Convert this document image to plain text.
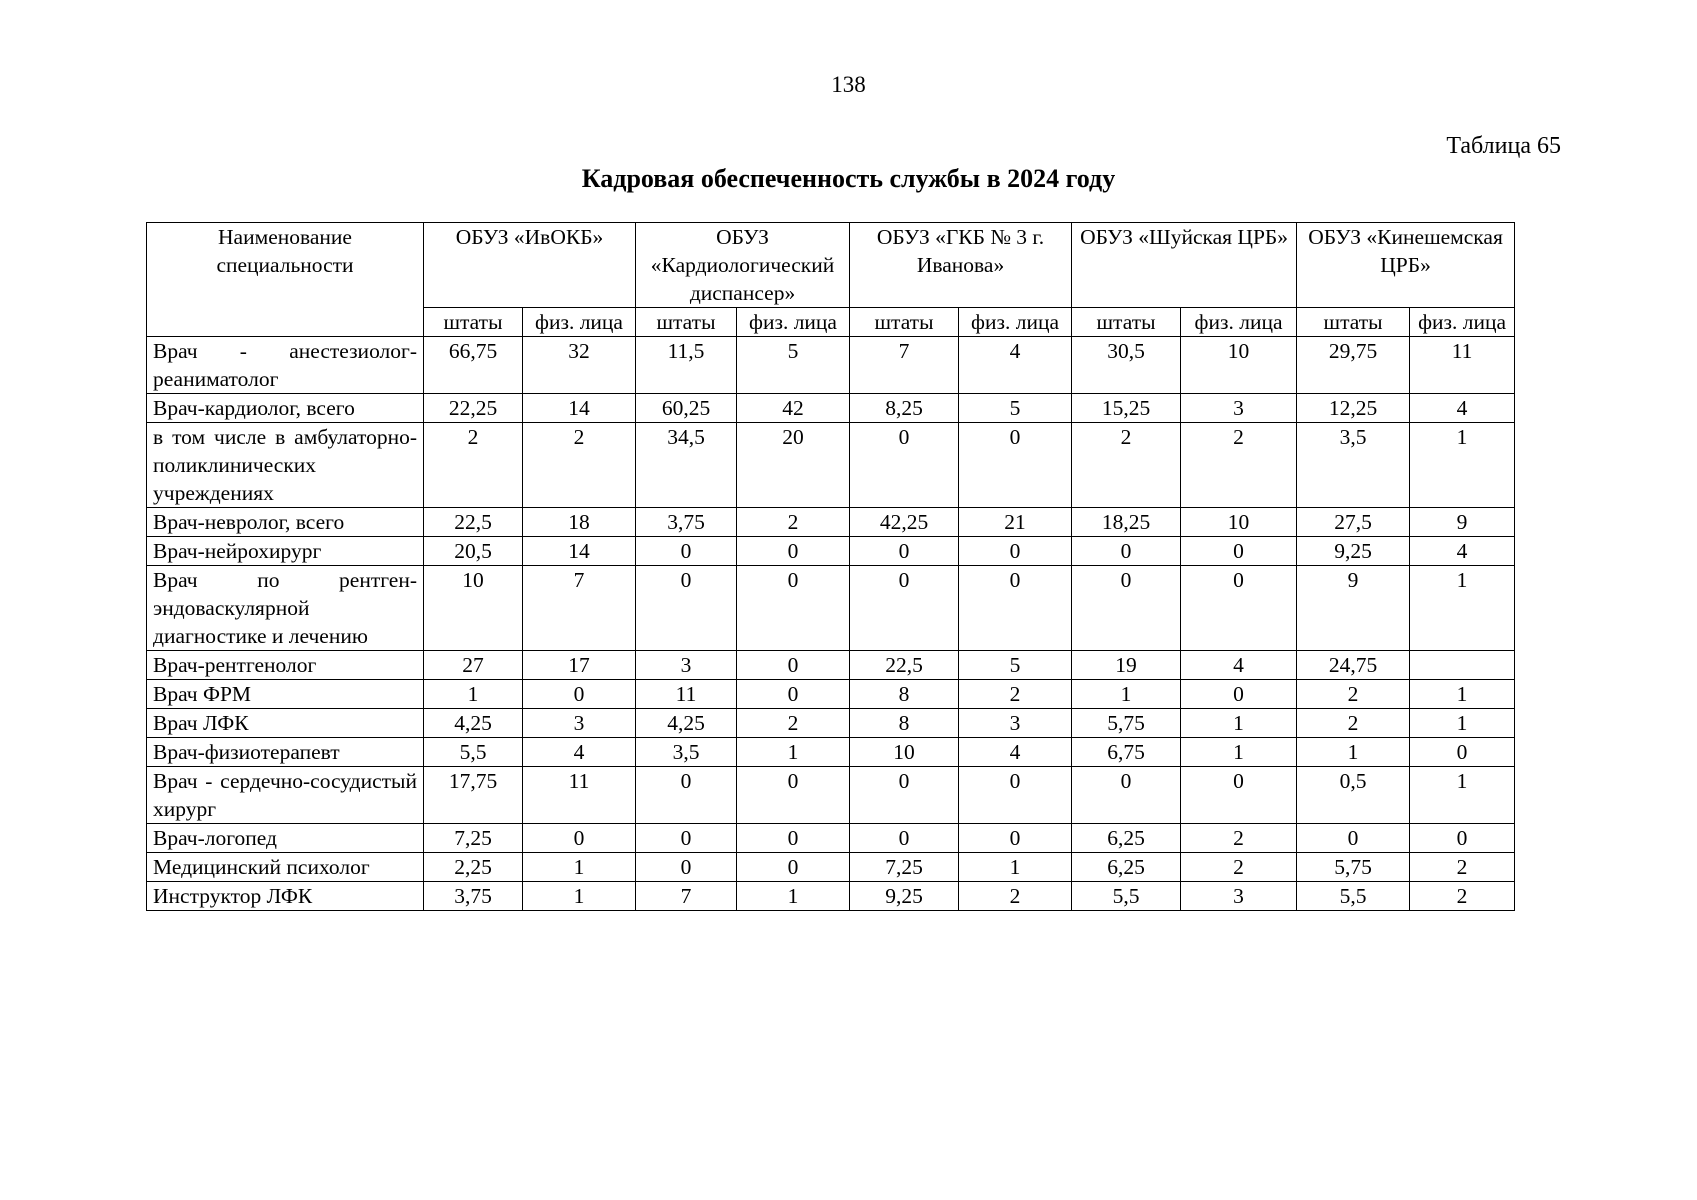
138
Таблица 65
Кадровая обеспеченность службы в 2024 году
Наименование специальности	ОБУЗ «ИвОКБ»		ОБУЗ «Кардиологический диспансер»		ОБУЗ «ГКБ № 3 г. Иванова»		ОБУЗ «Шуйская ЦРБ»		ОБУЗ «Кинешемская ЦРБ»	
	штаты	физ. лица	штаты	физ. лица	штаты	физ. лица	штаты	физ. лица	штаты	физ. лица
Врач - анестезиолог-реаниматолог	66,75	32	11,5	5	7	4	30,5	10	29,75	11
Врач-кардиолог, всего	22,25	14	60,25	42	8,25	5	15,25	3	12,25	4
в том числе в амбулаторно-поликлинических учреждениях	2	2	34,5	20	0	0	2	2	3,5	1
Врач-невролог, всего	22,5	18	3,75	2	42,25	21	18,25	10	27,5	9
Врач-нейрохирург	20,5	14	0	0	0	0	0	0	9,25	4
Врач по рентген-эндоваскулярной диагностике и лечению	10	7	0	0	0	0	0	0	9	1
Врач-рентгенолог	27	17	3	0	22,5	5	19	4	24,75	
Врач ФРМ	1	0	11	0	8	2	1	0	2	1
Врач ЛФК	4,25	3	4,25	2	8	3	5,75	1	2	1
Врач-физиотерапевт	5,5	4	3,5	1	10	4	6,75	1	1	0
Врач - сердечно-сосудистый хирург	17,75	11	0	0	0	0	0	0	0,5	1
Врач-логопед	7,25	0	0	0	0	0	6,25	2	0	0
Медицинский психолог	2,25	1	0	0	7,25	1	6,25	2	5,75	2
Инструктор ЛФК	3,75	1	7	1	9,25	2	5,5	3	5,5	2
